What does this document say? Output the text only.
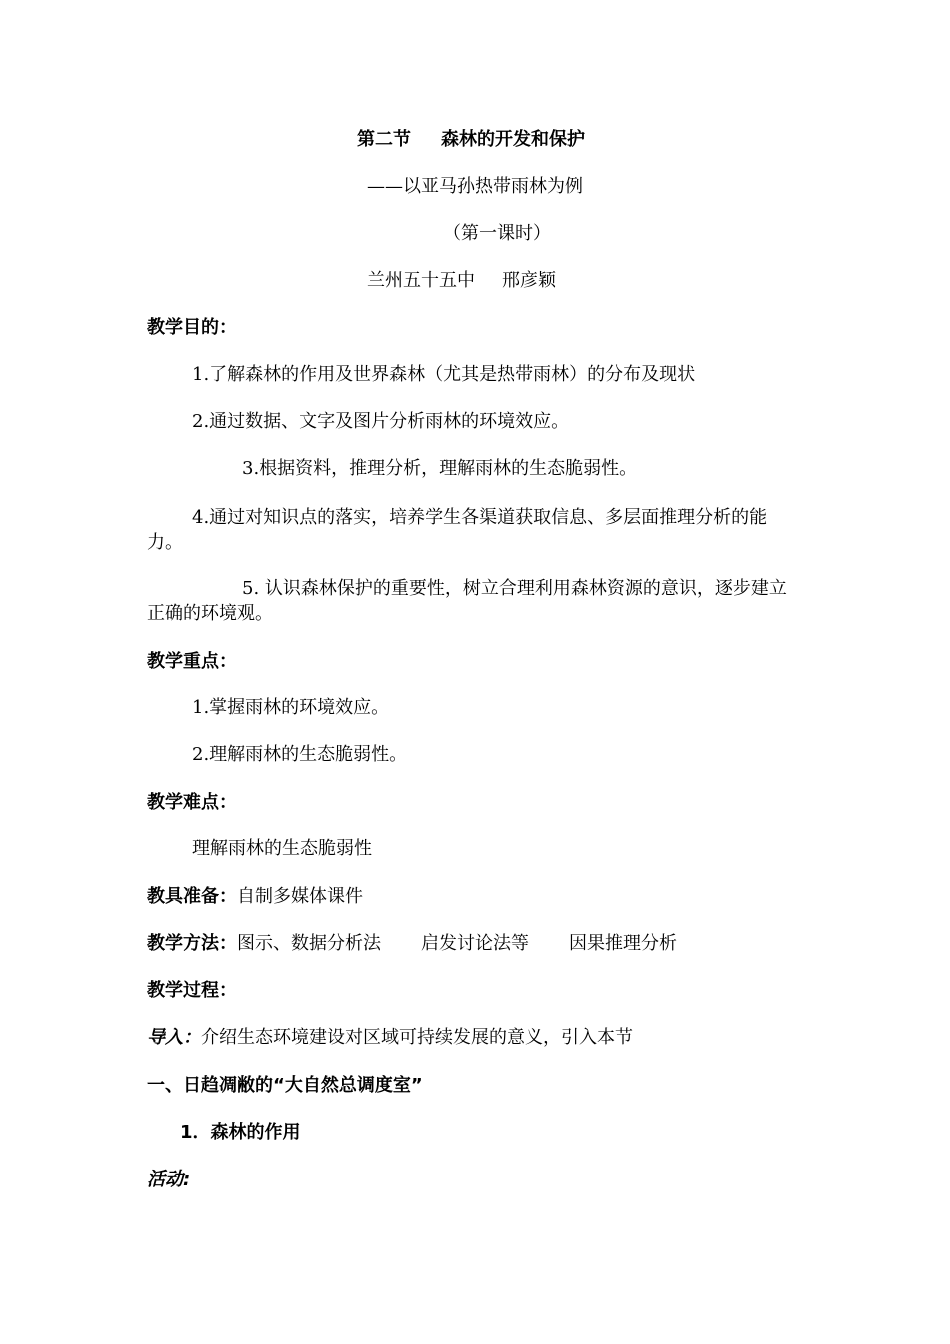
第二节 森林的开发和保护
——以亚马孙热带雨林为例
（第一课时）
兰州五十五中 邢彦颖
教学目的：
1.了解森林的作用及世界森林（尤其是热带雨林）的分布及现状
2.通过数据、文字及图片分析雨林的环境效应。
3.根据资料，推理分析，理解雨林的生态脆弱性。
4.通过对知识点的落实，培养学生各渠道获取信息、多层面推理分析的能
力。
5. 认识森林保护的重要性，树立合理利用森林资源的意识，逐步建立
正确的环境观。
教学重点：
1.掌握雨林的环境效应。
2.理解雨林的生态脆弱性。
教学难点：
理解雨林的生态脆弱性
教具准备：自制多媒体课件
教学方法：图示、数据分析法 启发讨论法等 因果推理分析
教学过程：
导入：介绍生态环境建设对区域可持续发展的意义，引入本节
一、日趋凋敝的“大自然总调度室”
1．森林的作用
活动:
